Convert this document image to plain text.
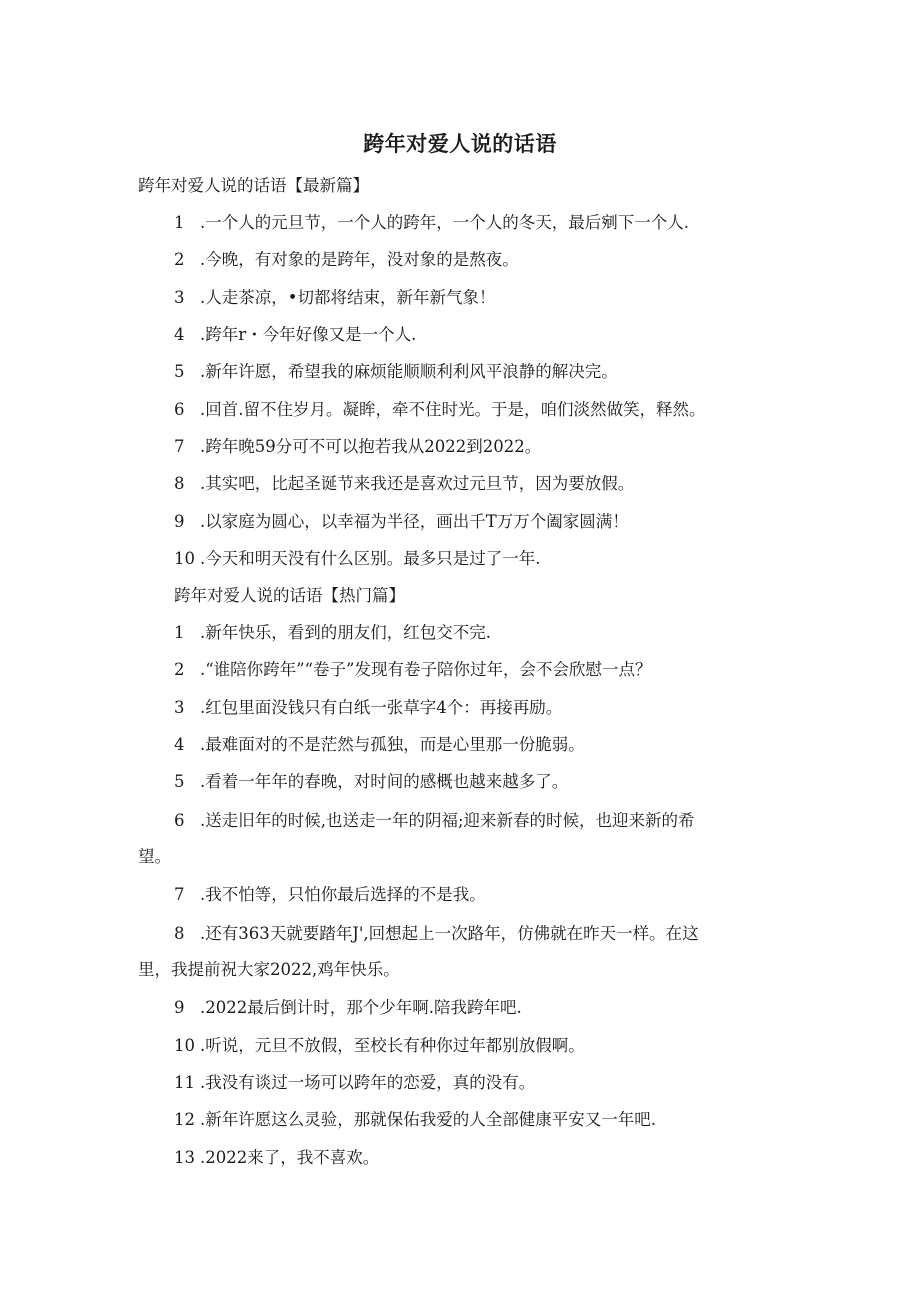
跨年对爱人说的话语
跨年对爱人说的话语【最新篇】
1 .一个人的元旦节，一个人的跨年，一个人的冬天，最后剜下一个人.
2 .今晚，有对象的是跨年，没对象的是熬夜。
3 .人走茶凉，•切都将结束，新年新气象！
4 .跨年r・今年好像又是一个人.
5 .新年许愿，希望我的麻烦能顺顺利利风平浪静的解决完。
6 .回首.留不住岁月。凝眸，牵不住时光。于是，咱们淡然做笑，释然。
7 .跨年晚59分可不可以抱若我从2022到2022。
8 .其实吧，比起圣诞节来我还是喜欢过元旦节，因为要放假。
9 .以家庭为圆心，以幸福为半径，画出千T万万个阖家圆满！
10 .今天和明天没有什么区别。最多只是过了一年.
跨年对爱人说的话语【热门篇】
1 .新年快乐，看到的朋友们，红包交不完.
2 .“谁陪你跨年”“卷子”发现有卷子陪你过年，会不会欣慰一点？
3 .红包里面没钱只有白纸一张草字4个：再接再励。
4 .最难面对的不是茫然与孤独，而是心里那一份脆弱。
5 .看着一年年的春晚，对时间的感概也越来越多了。
6 .送走旧年的时候,也送走一年的阴福;迎来新春的时候，也迎来新的希
望。
7 .我不怕等，只怕你最后选择的不是我。
8 .还有363天就要踏年J',回想起上一次路年，仿佛就在昨天一样。在这
里，我提前祝大家2022,鸡年快乐。
9 .2022最后倒计时，那个少年啊.陪我跨年吧.
10 .听说，元旦不放假，至校长有种你过年都别放假啊。
11 .我没有谈过一场可以跨年的恋爱，真的没有。
12 .新年许愿这么灵验，那就保佑我爱的人全部健康平安又一年吧.
13 .2022来了，我不喜欢。
